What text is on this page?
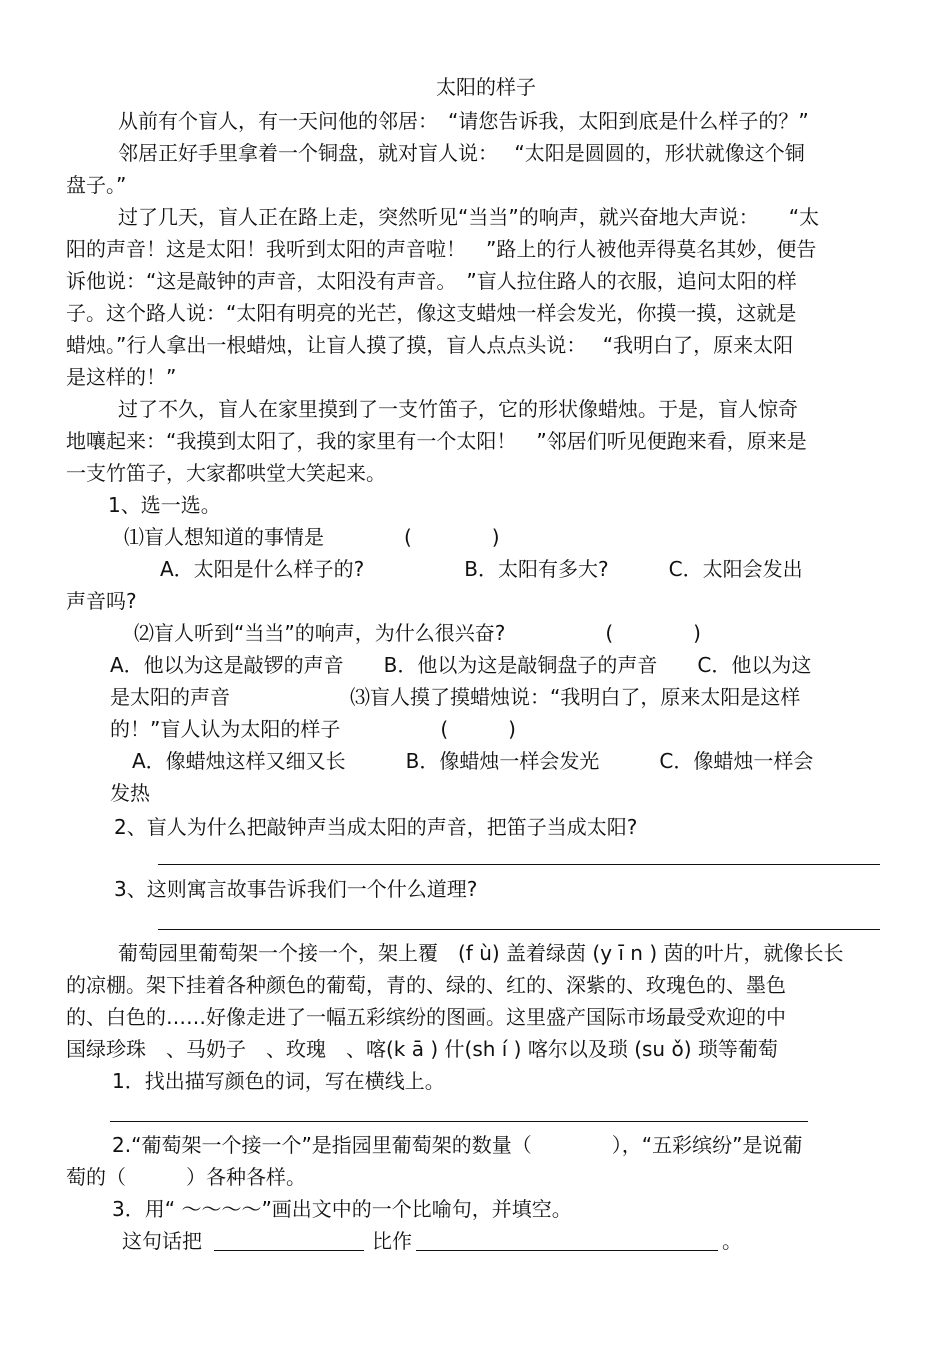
太阳的样子
从前有个盲人，有一天问他的邻居：　“请您告诉我，太阳到底是什么样子的？”
邻居正好手里拿着一个铜盘，就对盲人说：　 “太阳是圆圆的，形状就像这个铜
盘子。”
过了几天，盲人正在路上走，突然听见“当当”的响声，就兴奋地大声说：　　“太
阳的声音！这是太阳！我听到太阳的声音啦！　”路上的行人被他弄得莫名其妙，便告
诉他说：“这是敲钟的声音，太阳没有声音。　”盲人拉住路人的衣服，追问太阳的样
子。这个路人说：“太阳有明亮的光芒，像这支蜡烛一样会发光，你摸一摸，这就是
蜡烛。”行人拿出一根蜡烛，让盲人摸了摸，盲人点点头说：　 “我明白了，原来太阳
是这样的！”
过了不久，盲人在家里摸到了一支竹笛子，它的形状像蜡烛。于是，盲人惊奇
地嚷起来：“我摸到太阳了，我的家里有一个太阳！　”邻居们听见便跑来看，原来是
一支竹笛子，大家都哄堂大笑起来。
1、选一选。
⑴盲人想知道的事情是　　　　(　　　　)
A．太阳是什么样子的?　　　　　B．太阳有多大?　　　C．太阳会发出
声音吗?
⑵盲人听到“当当”的响声，为什么很兴奋?　　　　　(　　　　)
A．他以为这是敲锣的声音　　B．他以为这是敲铜盘子的声音　　C．他以为这
是太阳的声音　　　　　　⑶盲人摸了摸蜡烛说：“我明白了，原来太阳是这样
的！”盲人认为太阳的样子　　　　　(　　　)
A．像蜡烛这样又细又长　　　B．像蜡烛一样会发光　　　C．像蜡烛一样会
发热
2、盲人为什么把敲钟声当成太阳的声音，把笛子当成太阳?
3、这则寓言故事告诉我们一个什么道理?
葡萄园里葡萄架一个接一个，架上覆　(f ù) 盖着绿茵 (y ī n ) 茵的叶片，就像长长
的凉棚。架下挂着各种颜色的葡萄，青的、绿的、红的、深紫的、玫瑰色的、墨色
的、白色的……好像走进了一幅五彩缤纷的图画。这里盛产国际市场最受欢迎的中
国绿珍珠　、马奶子　、玫瑰　、喀(k ā ) 什(sh í ) 喀尔以及琐 (su ǒ) 琐等葡萄
1．找出描写颜色的词，写在横线上。
2.“葡萄架一个接一个”是指园里葡萄架的数量（　　　　），“五彩缤纷”是说葡
萄的（　　　）各种各样。
3．用“ ～～～～”画出文中的一个比喻句，并填空。
这句话把	比作	。
